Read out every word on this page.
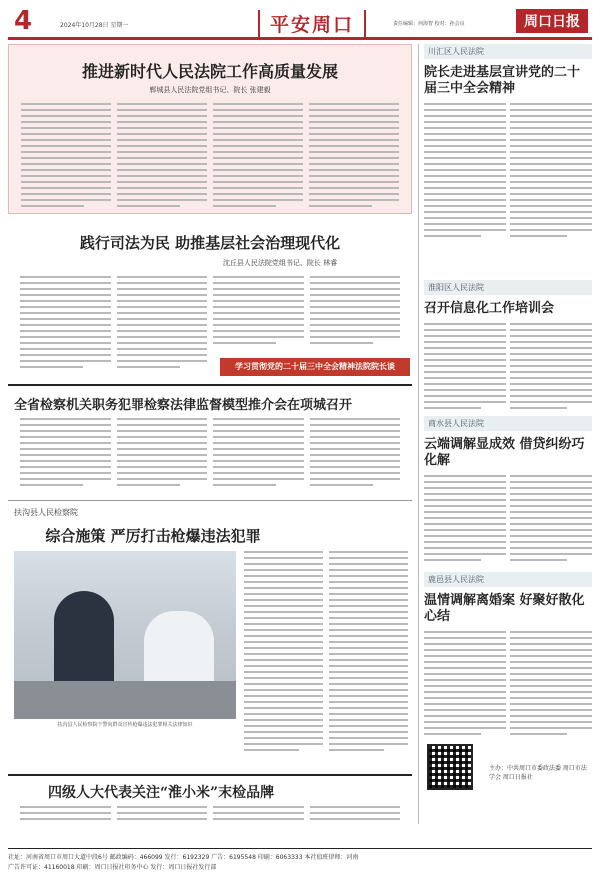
4	2024年10月28日 星期一	平安周口	责任编辑：何海智 校对：孙会良	周口日报
推进新时代人民法院工作高质量发展
郸城县人民法院党组书记、院长 张建毅
践行司法为民 助推基层社会治理现代化
沈丘县人民法院党组书记、院长 林睿
学习贯彻党的二十届三中全会精神法院院长谈
全省检察机关职务犯罪检察法律监督模型推介会在项城召开
扶沟县人民检察院
综合施策 严厉打击枪爆违法犯罪
扶沟县人民检察院干警向群众宣传枪爆违法犯罪相关法律知识
四级人大代表关注“淮小米”末检品牌
川汇区人民法院
院长走进基层宣讲党的二十届三中全会精神
淮阳区人民法院
召开信息化工作培训会
商水县人民法院
云端调解显成效 借贷纠纷巧化解
鹿邑县人民法院
温情调解离婚案 好聚好散化心结
主办：中共周口市委政法委 周口市法学会 周口日报社
社址：河南省周口市周口大道中段6号 邮政编码：466099 发行：6192329 广告：6195548 印刷：6063333 本社值班律师：河南
广告许可证：41160018 印刷：周口日报社印务中心 发行：周口日报社发行部
